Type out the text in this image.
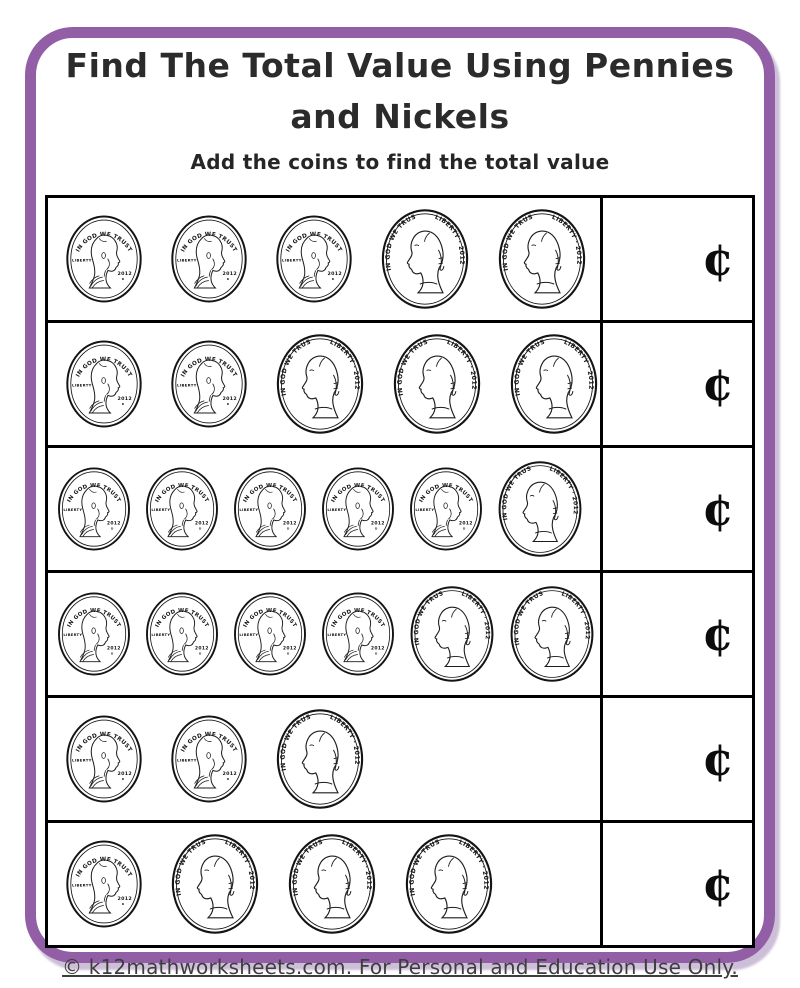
Find The Total Value Using Pennies and Nickels
Add the coins to find the total value
¢
¢
¢
¢
¢
¢
© k12mathworksheets.com. For Personal and Education Use Only.
